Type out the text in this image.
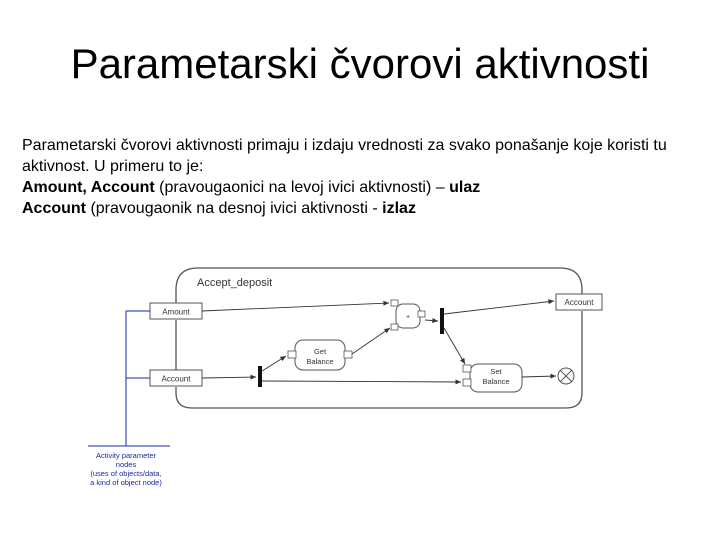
Parametarski čvorovi aktivnosti

Parametarski čvorovi aktivnosti primaju i izdaju vrednosti za svako ponašanje koje koristi tu aktivnost. U primeru to je:

Amount, Account (pravougaonici na levoj ivici aktivnosti) – ulaz

Account (pravougaonik na desnoj ivici aktivnosti - izlaz

Accept_deposit
Amount
Account
Account
+
Get
Balance
Set
Balance
Activity parameter
nodes
(uses of objects/data,
a kind of object node)
